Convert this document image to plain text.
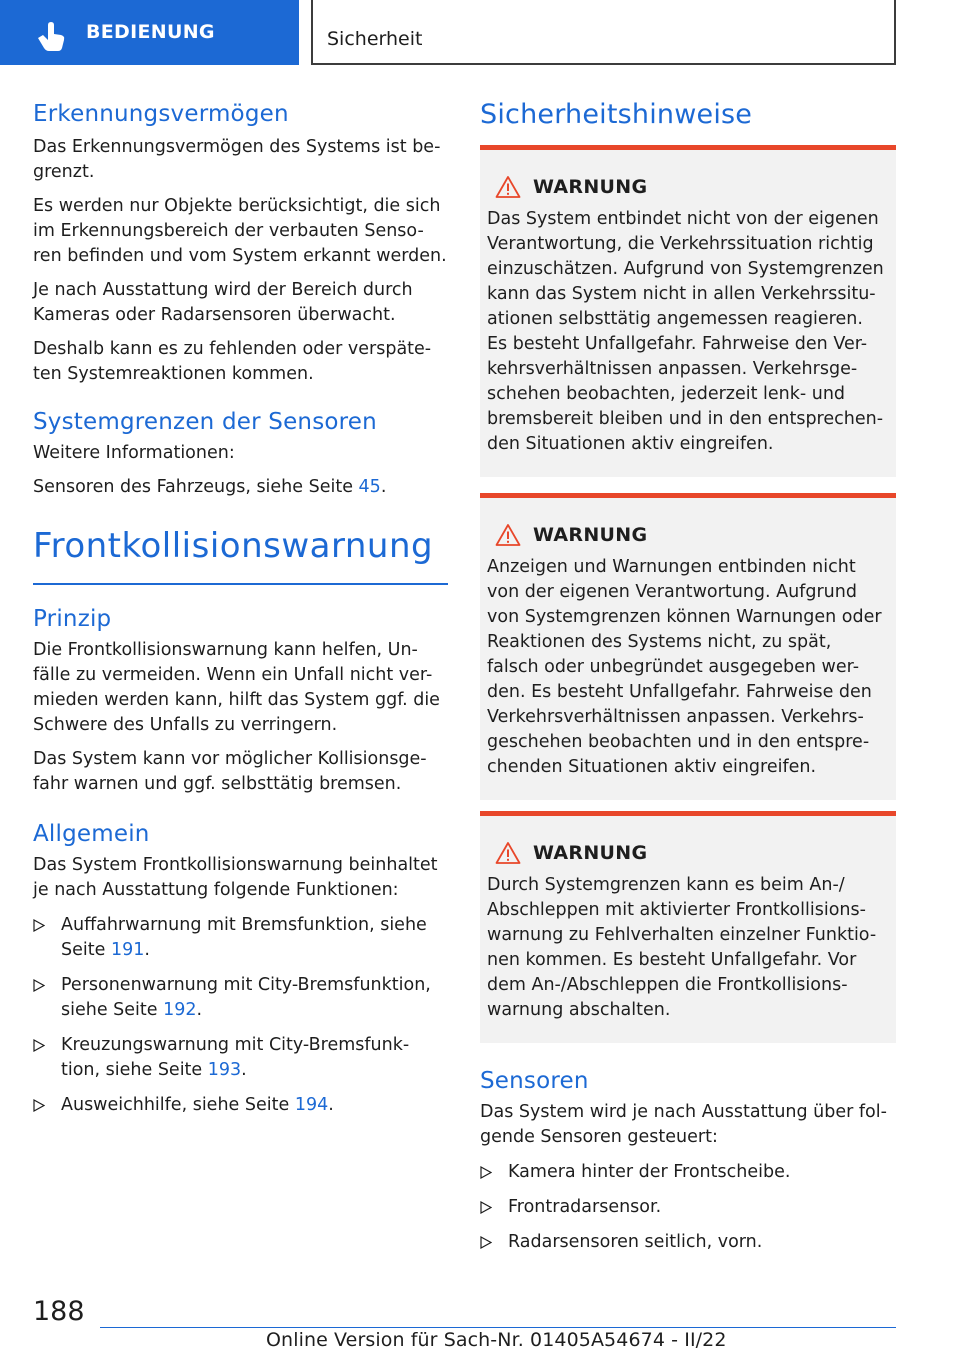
BEDIENUNG	Sicherheit
Erkennungsvermögen
Das Erkennungsvermögen des Systems ist be-
grenzt.
Es werden nur Objekte berücksichtigt, die sich
im Erkennungsbereich der verbauten Senso-
ren befinden und vom System erkannt werden.
Je nach Ausstattung wird der Bereich durch
Kameras oder Radarsensoren überwacht.
Deshalb kann es zu fehlenden oder verspäte-
ten Systemreaktionen kommen.
Systemgrenzen der Sensoren
Weitere Informationen:
Sensoren des Fahrzeugs, siehe Seite 45.
Frontkollisionswarnung
Prinzip
Die Frontkollisionswarnung kann helfen, Un-
fälle zu vermeiden. Wenn ein Unfall nicht ver-
mieden werden kann, hilft das System ggf. die
Schwere des Unfalls zu verringern.
Das System kann vor möglicher Kollisionsge-
fahr warnen und ggf. selbsttätig bremsen.
Allgemein
Das System Frontkollisionswarnung beinhaltet
je nach Ausstattung folgende Funktionen:
Auffahrwarnung mit Bremsfunktion, siehe
Seite 191.
Personenwarnung mit City-Bremsfunktion,
siehe Seite 192.
Kreuzungswarnung mit City-Bremsfunk-
tion, siehe Seite 193.
Ausweichhilfe, siehe Seite 194.
Sicherheitshinweise
WARNUNG
Das System entbindet nicht von der eigenen
Verantwortung, die Verkehrssituation richtig
einzuschätzen. Aufgrund von Systemgrenzen
kann das System nicht in allen Verkehrssitu-
ationen selbsttätig angemessen reagieren.
Es besteht Unfallgefahr. Fahrweise den Ver-
kehrsverhältnissen anpassen. Verkehrsge-
schehen beobachten, jederzeit lenk- und
bremsbereit bleiben und in den entsprechen-
den Situationen aktiv eingreifen.
WARNUNG
Anzeigen und Warnungen entbinden nicht
von der eigenen Verantwortung. Aufgrund
von Systemgrenzen können Warnungen oder
Reaktionen des Systems nicht, zu spät,
falsch oder unbegründet ausgegeben wer-
den. Es besteht Unfallgefahr. Fahrweise den
Verkehrsverhältnissen anpassen. Verkehrs-
geschehen beobachten und in den entspre-
chenden Situationen aktiv eingreifen.
WARNUNG
Durch Systemgrenzen kann es beim An-/
Abschleppen mit aktivierter Frontkollisions-
warnung zu Fehlverhalten einzelner Funktio-
nen kommen. Es besteht Unfallgefahr. Vor
dem An-/Abschleppen die Frontkollisions-
warnung abschalten.
Sensoren
Das System wird je nach Ausstattung über fol-
gende Sensoren gesteuert:
Kamera hinter der Frontscheibe.
Frontradarsensor.
Radarsensoren seitlich, vorn.
188
Online Version für Sach-Nr. 01405A54674 - II/22
